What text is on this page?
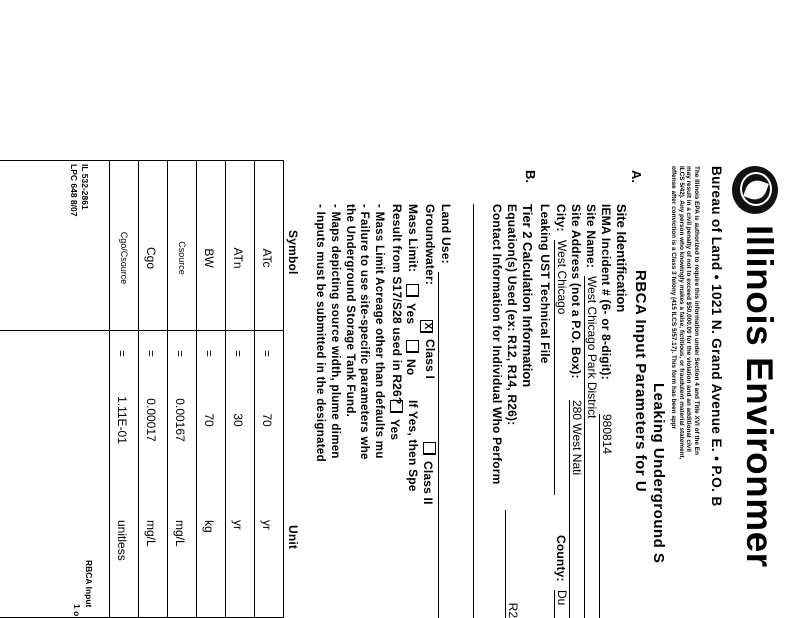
Illinois Environmer
Bureau of Land • 1021 N. Grand Avenue E. • P.O. B
The Illinois EPA is authorized to require this information under Section 4 and Title XVI of the En
may result in a civil penalty of not to exceed $50,000.00 for the violation and an additional civil
ILCS 5/42). Any person who knowingly makes a false, fictitious, or fraudulent material statement,
offense after conviction is a Class 3 felony (415 ILCS 5/57.17). This form has been appr
Leaking Underground S
RBCA Input Parameters for U
A.
Site Identification
IEMA Incident # (6- or 8-digit):
980814
Site Name:
West Chicago Park District
Site Address (not a P.O. Box):
280 West Nati
City:
West Chicago
County:
Du
Leaking UST Technical File
B.
Tier 2 Calculation Information
Equation(s) Used (ex: R12, R14, R26):
R2
Contact Information for Individual Who Perform
Land Use:
Groundwater:
XClass I
Class II
Mass Limit:
Yes
No
If Yes, then Spe
Result from S17/S28 used in R26?
Yes
- Mass Limit Acreage other than defaults mu
- Failure to use site-specific parameters whe
the Underground Storage Tank Fund.
- Maps depicting source width, plume dimen
- Inputs must be submitted in the designated
Symbol
Unit
IL 532-2861
LPC 648 8/07
RBCA Input
1 o
ATc
=
70
yr
ATn
=
30
yr
BW
=
70
kg
Csource
=
0.00167
mg/L
Cgo
=
0.00017
mg/L
Cgo/Csource
=
1.11E-01
unitless
